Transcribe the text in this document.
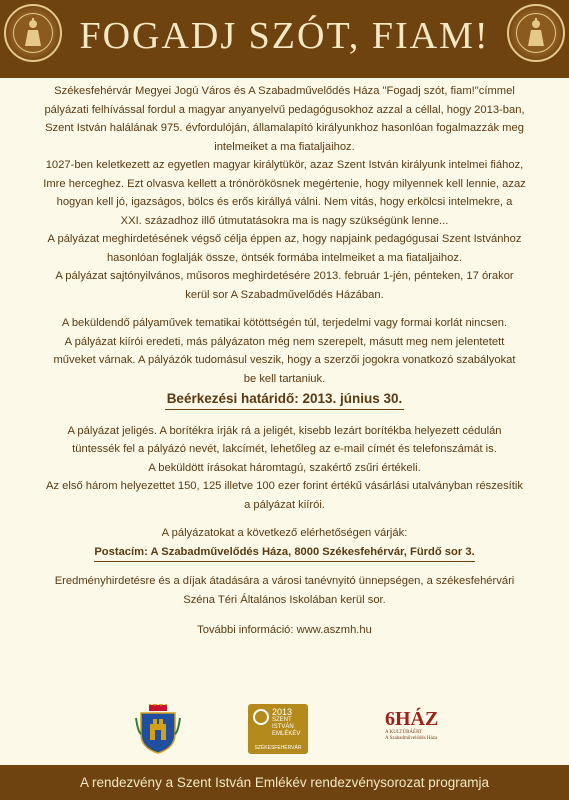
FOGADJ SZÓT, FIAM!

Székesfehérvár Megyei Jogú Város és A Szabadművelődés Háza "Fogadj szót, fiam!"címmel

pályázati felhívással fordul a magyar anyanyelvű pedagógusokhoz azzal a céllal, hogy 2013-ban,

Szent István halálának 975. évfordulóján, államalapító királyunkhoz hasonlóan fogalmazzák meg

intelmeiket a ma fiataljaihoz.

1027-ben keletkezett az egyetlen magyar királytükör, azaz Szent István királyunk intelmei fiához,

Imre herceghez. Ezt olvasva kellett a trónörökösnek megértenie, hogy milyennek kell lennie, azaz

hogyan kell jó, igazságos, bölcs és erős királlyá válni. Nem vitás, hogy erkölcsi intelmekre, a

XXI. századhoz illő útmutatásokra ma is nagy szükségünk lenne...

A pályázat meghirdetésének végső célja éppen az, hogy napjaink pedagógusai Szent Istvánhoz

hasonlóan foglalják össze, öntsék formába intelmeiket a ma fiataljaihoz.

A pályázat sajtónyilvános, műsoros meghirdetésére 2013. február 1-jén, pénteken, 17 órakor

kerül sor A Szabadművelődés Házában.

A beküldendő pályaművek tematikai kötöttségén túl, terjedelmi vagy formai korlát nincsen.

A pályázat kiírói eredeti, más pályázaton még nem szerepelt, másutt meg nem jelentetett

műveket várnak. A pályázók tudomásul veszik, hogy a szerzői jogokra vonatkozó szabályokat

be kell tartaniuk.

Beérkezési határidő: 2013. június 30.

A pályázat jeligés. A borítékra írják rá a jeligét, kisebb lezárt borítékba helyezett cédulán

tüntessék fel a pályázó nevét, lakcímét, lehetőleg az e-mail címét és telefonszámát is.

A beküldött írásokat háromtagú, szakértő zsűri értékeli.

Az első három helyezettet 150, 125 illetve 100 ezer forint értékű vásárlási utalványban részesítik

a pályázat kiírói.

A pályázatokat a következő elérhetőségen várják:

Postacím: A Szabadművelődés Háza, 8000 Székesfehérvár, Fürdő sor 3.

Eredményhirdetésre és a díjak átadására a városi tanévnyitó ünnepségen, a székesfehérvári

Széna Téri Általános Iskolában kerül sor.

További információ: www.aszmh.hu

2013
SZENT
ISTVÁN
EMLÉKÉV
SZÉKESFEHÉRVÁR
6HÁZ
A KULTÚRÁÉRT
A Szabadművelődés Háza
A rendezvény a Szent István Emlékév rendezvénysorozat programja
